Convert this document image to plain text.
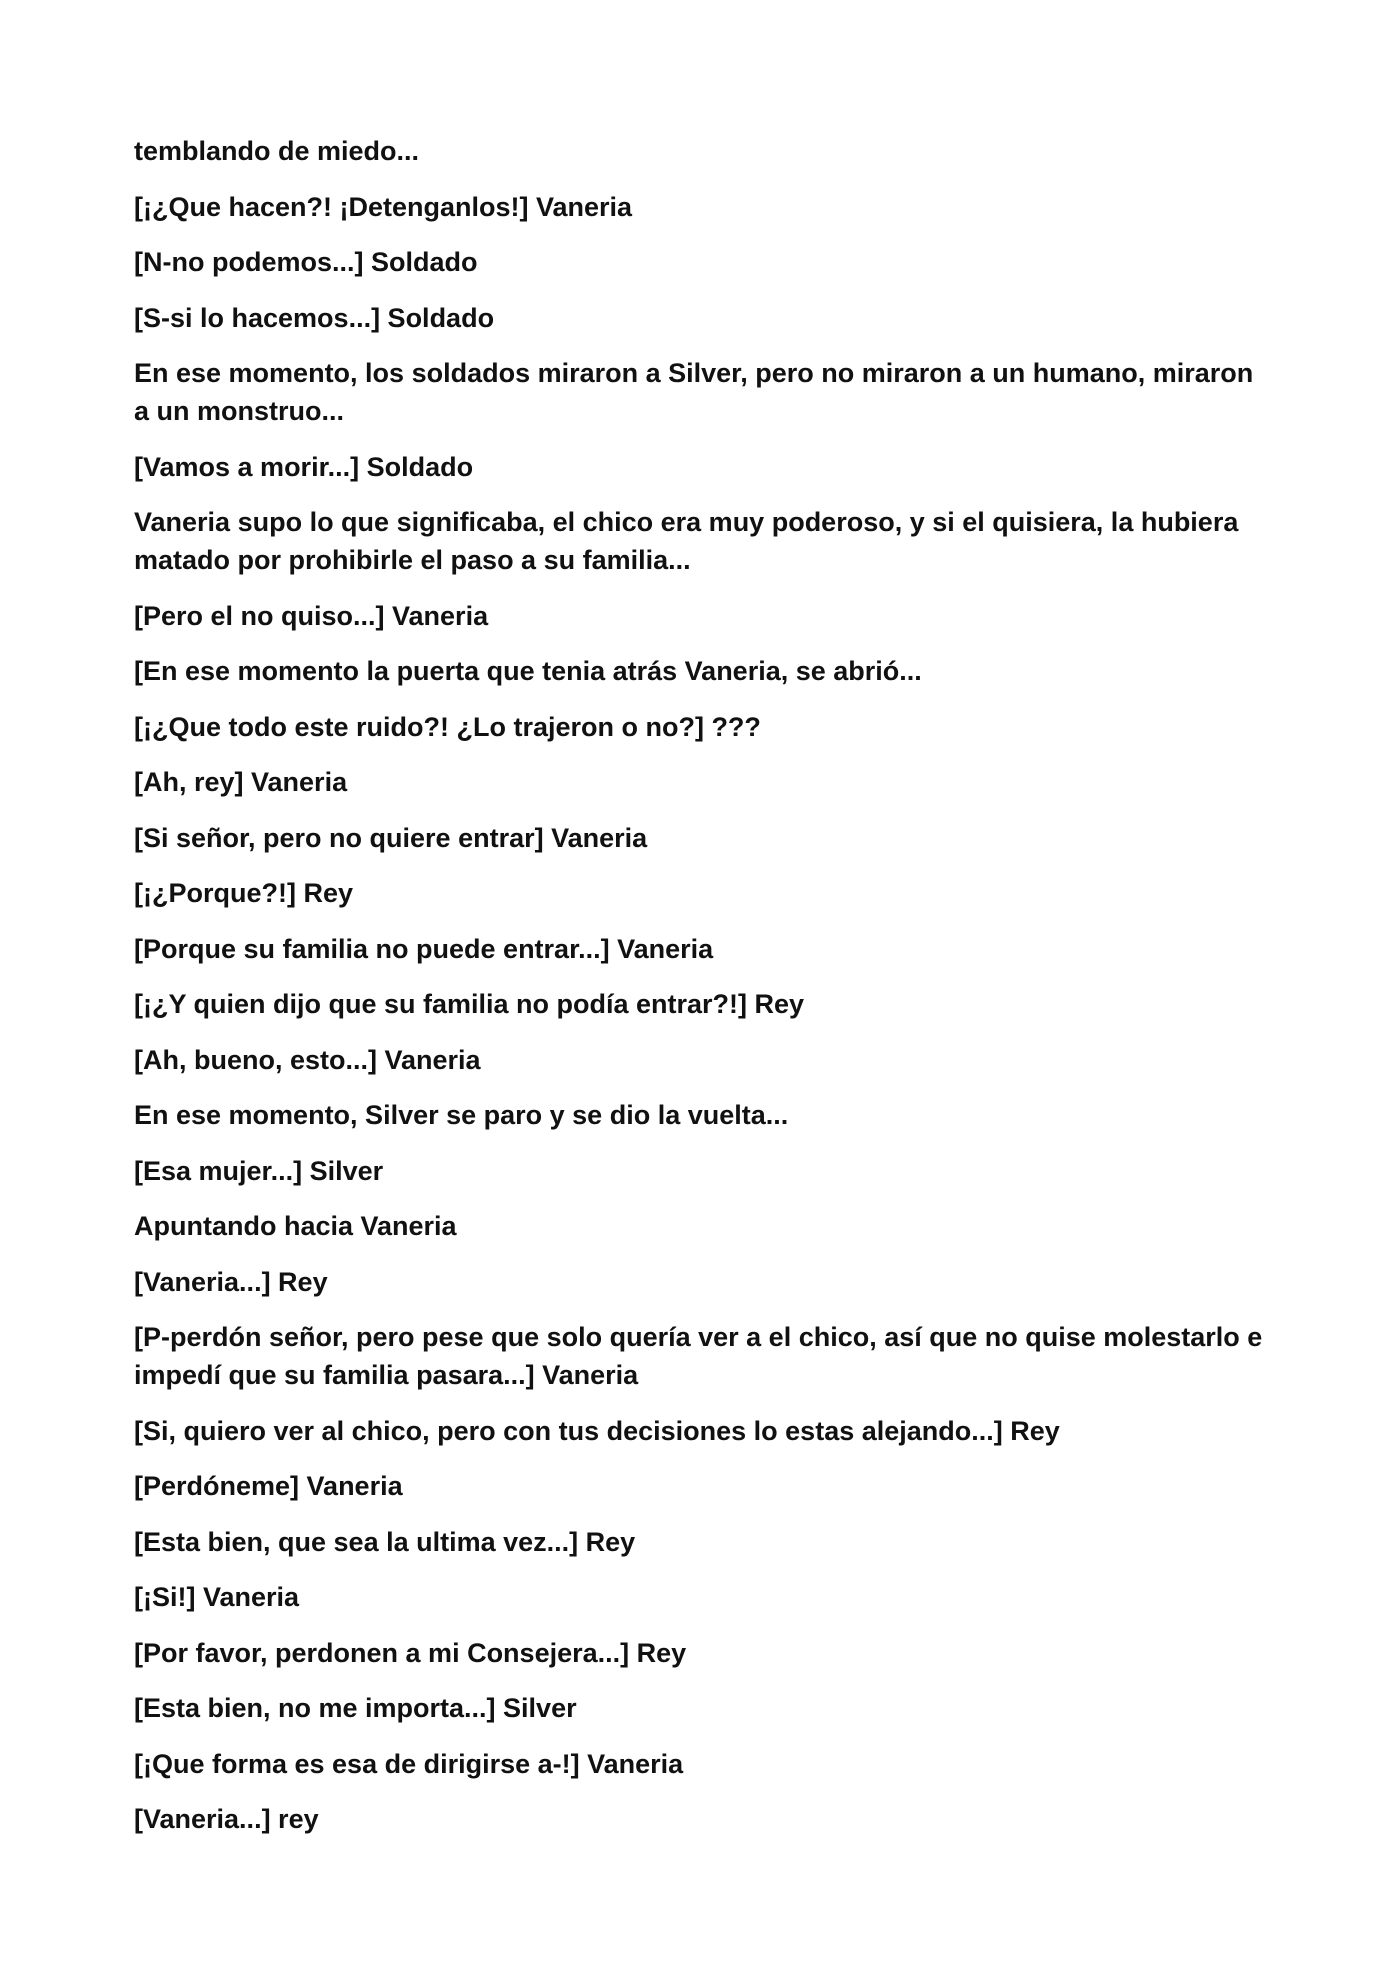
temblando de miedo...

[¡¿Que hacen?! ¡Detenganlos!] Vaneria

[N-no podemos...] Soldado

[S-si lo hacemos...] Soldado

En ese momento, los soldados miraron a Silver, pero no miraron a un humano, miraron a un monstruo...

[Vamos a morir...] Soldado

Vaneria supo lo que significaba, el chico era muy poderoso, y si el quisiera, la hubiera matado por prohibirle el paso a su familia...

[Pero el no quiso...] Vaneria

[En ese momento la puerta que tenia atrás Vaneria, se abrió...

[¡¿Que todo este ruido?! ¿Lo trajeron o no?] ???

[Ah, rey] Vaneria

[Si señor, pero no quiere entrar] Vaneria

[¡¿Porque?!] Rey

[Porque su familia no puede entrar...] Vaneria

[¡¿Y quien dijo que su familia no podía entrar?!] Rey

[Ah, bueno, esto...] Vaneria

En ese momento, Silver se paro y se dio la vuelta...

[Esa mujer...] Silver

Apuntando hacia Vaneria

[Vaneria...] Rey

[P-perdón señor, pero pese que solo quería ver a el chico, así que no quise molestarlo e impedí que su familia pasara...] Vaneria

[Si, quiero ver al chico, pero con tus decisiones lo estas alejando...] Rey

[Perdóneme] Vaneria

[Esta bien, que sea la ultima vez...] Rey

[¡Si!] Vaneria

[Por favor, perdonen a mi Consejera...] Rey

[Esta bien, no me importa...] Silver

[¡Que forma es esa de dirigirse a-!] Vaneria

[Vaneria...] rey
